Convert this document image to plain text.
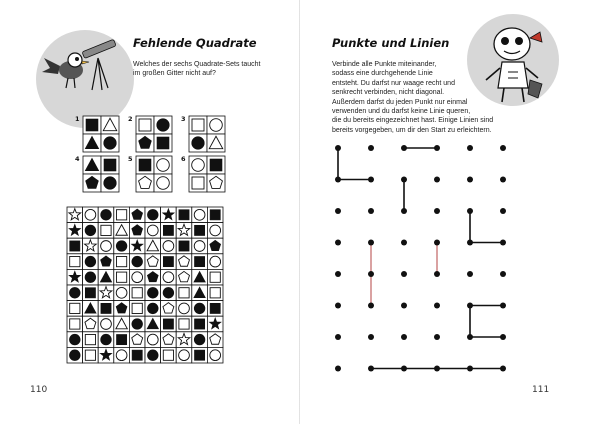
Fehlende Quadrate
Welches der sechs Quadrate-Sets taucht
im großen Gitter nicht auf?
1	2	3
4	5	6
110
Punkte und Linien
Verbinde alle Punkte miteinander,
sodass eine durchgehende Linie
entsteht. Du darfst nur waage recht und
senkrecht verbinden, nicht diagonal.
Außerdem darfst du jeden Punkt nur einmal
verwenden und du darfst keine Linie queren,
die du bereits eingezeichnet hast. Einige Linien sind
bereits vorgegeben, um dir den Start zu erleichtern.
111
